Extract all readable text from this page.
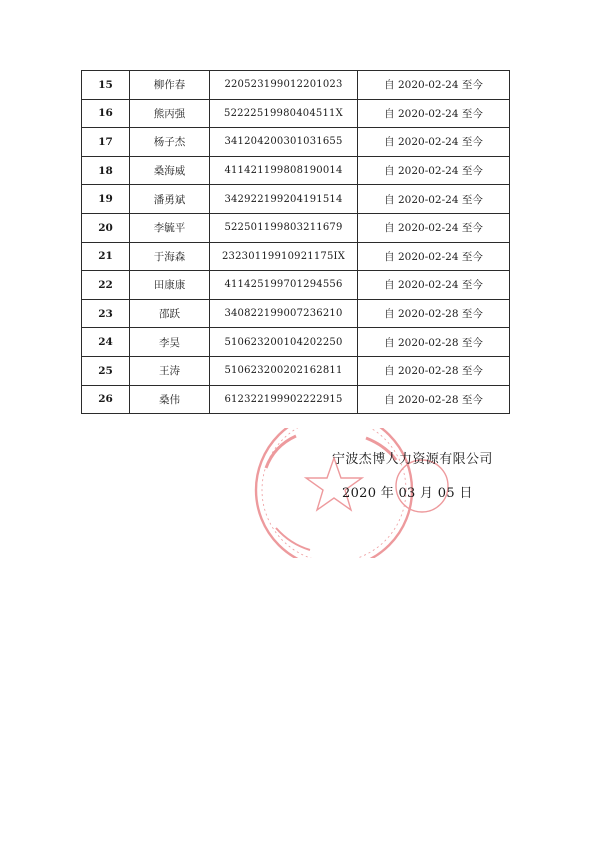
15	柳作春	220523199012201023	自 2020-02-24 至今
16	熊丙强	52222519980404511X	自 2020-02-24 至今
17	杨子杰	341204200301031655	自 2020-02-24 至今
18	桑海威	411421199808190014	自 2020-02-24 至今
19	潘勇斌	342922199204191514	自 2020-02-24 至今
20	李毓平	522501199803211679	自 2020-02-24 至今
21	于海森	23230119910921175IX	自 2020-02-24 至今
22	田康康	411425199701294556	自 2020-02-24 至今
23	邵跃	340822199007236210	自 2020-02-28 至今
24	李昊	510623200104202250	自 2020-02-28 至今
25	王涛	510623200202162811	自 2020-02-28 至今
26	桑伟	612322199902222915	自 2020-02-28 至今
宁波杰博人力资源有限公司
2020 年 03 月 05 日
